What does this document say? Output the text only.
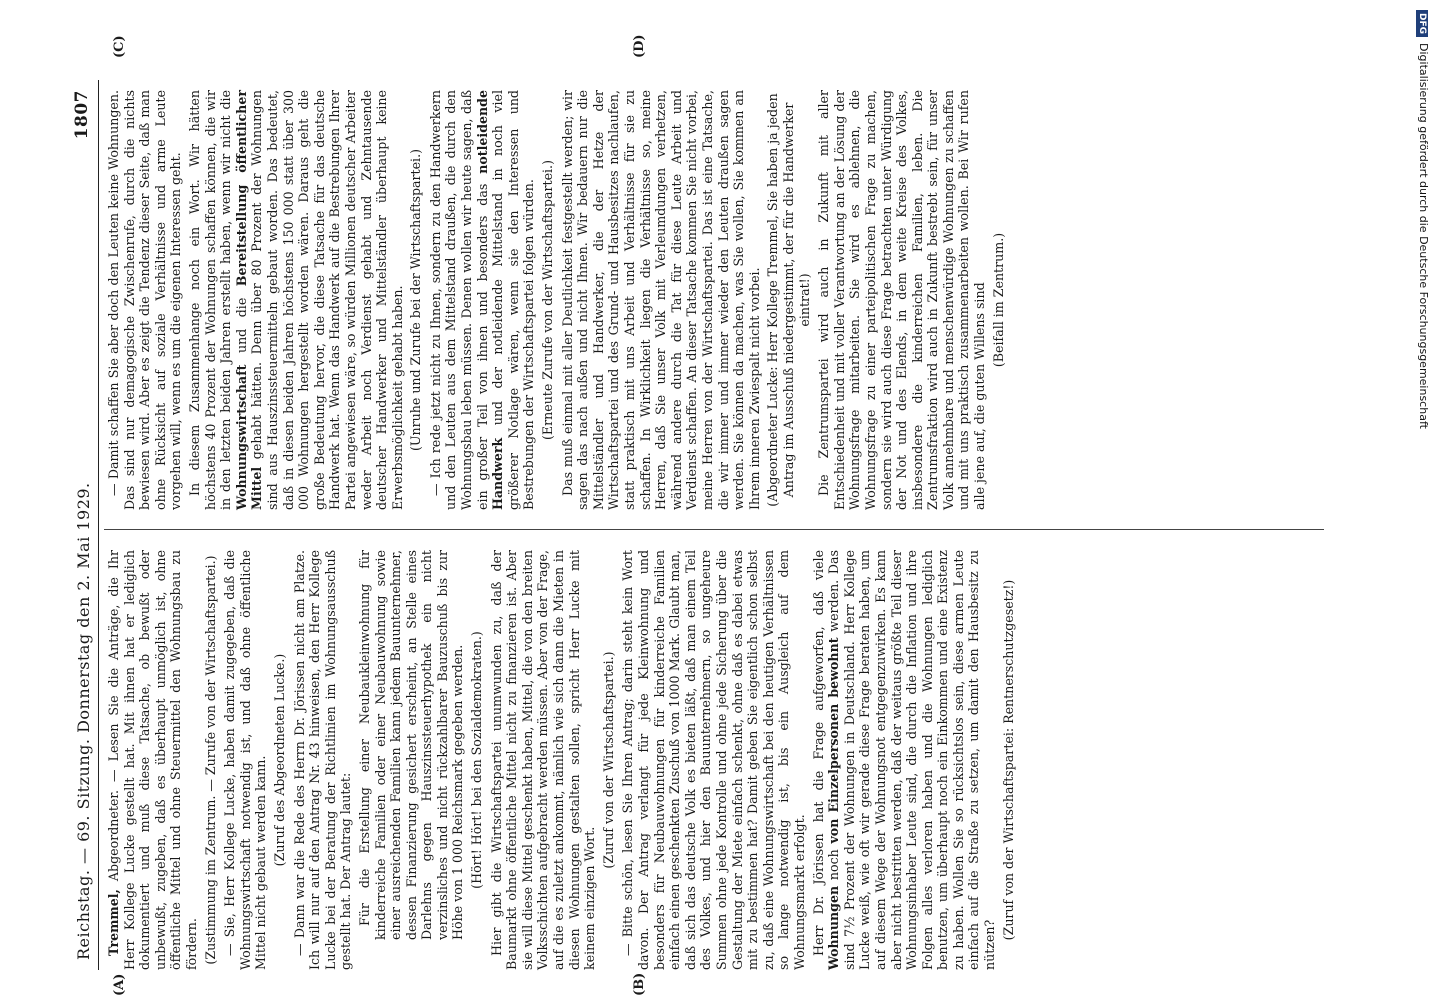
Reichstag. — 69. Sitzung. Donnerstag den 2. Mai 1929.
1807
(A)	(B)
(C)	(D)

Tremmel, Abgeordneter. — Lesen Sie die Anträge, die Ihr Herr Kollege Lucke gestellt hat. Mit ihnen hat er lediglich dokumentiert und muß diese Tatsache, ob bewußt oder unbewußt, zugeben, daß es überhaupt unmöglich ist, ohne öffentliche Mittel und ohne Steuermittel den Wohnungsbau zu fördern. (Zustimmung im Zentrum. — Zurufe von der Wirtschaftspartei.) — Sie, Herr Kollege Lucke, haben damit zugegeben, daß die Wohnungswirtschaft notwendig ist, und daß ohne öffentliche Mittel nicht gebaut werden kann. (Zuruf des Abgeordneten Lucke.) — Dann war die Rede des Herrn Dr. Jörissen nicht am Platze. Ich will nur auf den Antrag Nr. 43 hinweisen, den Herr Kollege Lucke bei der Beratung der Richtlinien im Wohnungsausschuß gestellt hat. Der Antrag lautet: Für die Erstellung einer Neubaukleinwohnung für kinderreiche Familien oder einer Neubauwohnung sowie einer ausreichenden Familien kann jedem Bauunternehmer, dessen Finanzierung gesichert erscheint, an Stelle eines Darlehns gegen Hauszinssteuerhypothek ein nicht verzinsliches und nicht rückzahlbarer Bauzuschuß bis zur Höhe von 1 000 Reichsmark gegeben werden. (Hört! Hört! bei den Sozialdemokraten.) Hier gibt die Wirtschaftspartei unumwunden zu, daß der Baumarkt ohne öffentliche Mittel nicht zu finanzieren ist. Aber sie will diese Mittel geschenkt haben, Mittel, die von den breiten Volksschichten aufgebracht werden müssen. Aber von der Frage, auf die es zuletzt ankommt, nämlich wie sich dann die Mieten in diesen Wohnungen gestalten sollen, spricht Herr Lucke mit keinem einzigen Wort.

(Zuruf von der Wirtschaftspartei.) — Bitte schön, lesen Sie Ihren Antrag; darin steht kein Wort davon. Der Antrag verlangt für jede Kleinwohnung und besonders für Neubauwohnungen für kinderreiche Familien einfach einen geschenkten Zuschuß von 1000 Mark. Glaubt man, daß sich das deutsche Volk es bieten läßt, daß man einem Teil des Volkes, und hier den Bauunternehmern, so ungeheure Summen ohne jede Kontrolle und ohne jede Sicherung über die Gestaltung der Miete einfach schenkt, ohne daß es dabei etwas mit zu bestimmen hat? Damit geben Sie eigentlich schon selbst zu, daß eine Wohnungswirtschaft bei den heutigen Verhältnissen so lange notwendig ist, bis ein Ausgleich auf dem Wohnungsmarkt erfolgt. Herr Dr. Jörissen hat die Frage aufgeworfen, daß viele Wohnungen noch von Einzelpersonen bewohnt werden. Das sind 7½ Prozent der Wohnungen in Deutschland. Herr Kollege Lucke weiß, wie oft wir gerade diese Frage beraten haben, um auf diesem Wege der Wohnungsnot entgegenzuwirken. Es kann aber nicht bestritten werden, daß der weitaus größte Teil dieser Wohnungsinhaber Leute sind, die durch die Inflation und ihre Folgen alles verloren haben und die Wohnungen lediglich benutzen, um überhaupt noch ein Einkommen und eine Existenz zu haben. Wollen Sie so rücksichtslos sein, diese armen Leute einfach auf die Straße zu setzen, um damit den Hausbesitz zu nützen?

(Zuruf von der Wirtschaftspartei: Rentnerschutzgesetz!)

— Damit schaffen Sie aber doch den Leuten keine Wohnungen. Das sind nur demagogische Zwischenrufe, durch die nichts bewiesen wird. Aber es zeigt die Tendenz dieser Seite, daß man ohne Rücksicht auf soziale Verhältnisse und arme Leute vorgehen will, wenn es um die eigenen Interessen geht. In diesem Zusammenhange noch ein Wort. Wir hätten höchstens 40 Prozent der Wohnungen schaffen können, die wir in den letzten beiden Jahren erstellt haben, wenn wir nicht die Wohnungswirtschaft und die Bereitstellung öffentlicher Mittel gehabt hätten. Denn über 80 Prozent der Wohnungen sind aus Hauszinssteuermitteln gebaut worden. Das bedeutet, daß in diesen beiden Jahren höchstens 150 000 statt über 300 000 Wohnungen hergestellt worden wären. Daraus geht die große Bedeutung hervor, die diese Tatsache für das deutsche Handwerk hat. Wenn das Handwerk auf die Bestrebungen Ihrer Partei angewiesen wäre, so würden Millionen deutscher Arbeiter weder Arbeit noch Verdienst gehabt und Zehntausende deutscher Handwerker und Mittelständler überhaupt keine Erwerbsmöglichkeit gehabt haben. (Unruhe und Zurufe bei der Wirtschaftspartei.) — Ich rede jetzt nicht zu Ihnen, sondern zu den Handwerkern und den Leuten aus dem Mittelstand draußen, die durch den Wohnungsbau leben müssen. Denen wollen wir heute sagen, daß ein großer Teil von ihnen und besonders das notleidende Handwerk und der notleidende Mittelstand in noch viel größerer Notlage wären, wenn sie den Interessen und Bestrebungen der Wirtschaftspartei folgen würden. (Erneute Zurufe von der Wirtschaftspartei.) Das muß einmal mit aller Deutlichkeit festgestellt werden; wir sagen das nach außen und nicht Ihnen. Wir bedauern nur die Mittelständler und Handwerker, die der Hetze der Wirtschaftspartei und des Grund- und Hausbesitzes nachlaufen, statt praktisch mit uns Arbeit und Verhältnisse für sie zu schaffen. In Wirklichkeit liegen die Verhältnisse so, meine Herren, daß Sie unser Volk mit Verleumdungen verhetzen, während andere durch die Tat für diese Leute Arbeit und Verdienst schaffen. An dieser Tatsache kommen Sie nicht vorbei, meine Herren von der Wirtschaftspartei. Das ist eine Tatsache, die wir immer und immer wieder den Leuten draußen sagen werden. Sie können da machen, was Sie wollen, Sie kommen an Ihrem inneren Zwiespalt nicht vorbei. (Abgeordneter Lucke: Herr Kollege Tremmel, Sie haben ja jeden Antrag im Ausschuß niedergestimmt, der für die Handwerker eintrat!) Die Zentrumspartei wird auch in Zukunft mit aller Entschiedenheit und mit voller Verantwortung an der Lösung der Wohnungsfrage mitarbeiten. Sie wird es ablehnen, die Wohnungsfrage zu einer parteipolitischen Frage zu machen, sondern sie wird auch diese Frage betrachten unter Würdigung der Not und des Elends, in dem weite Kreise des Volkes, insbesondere die kinderreichen Familien, leben. Die Zentrumsfraktion wird auch in Zukunft bestrebt sein, für unser Volk annehmbare und menschenwürdige Wohnungen zu schaffen und mit uns praktisch zusammenarbeiten wollen. Bei Wir rufen alle jene auf, die guten Willens sind (Beifall im Zentrum.)

DFGDigitalisierung gefördert durch die Deutsche Forschungsgemeinschaft
